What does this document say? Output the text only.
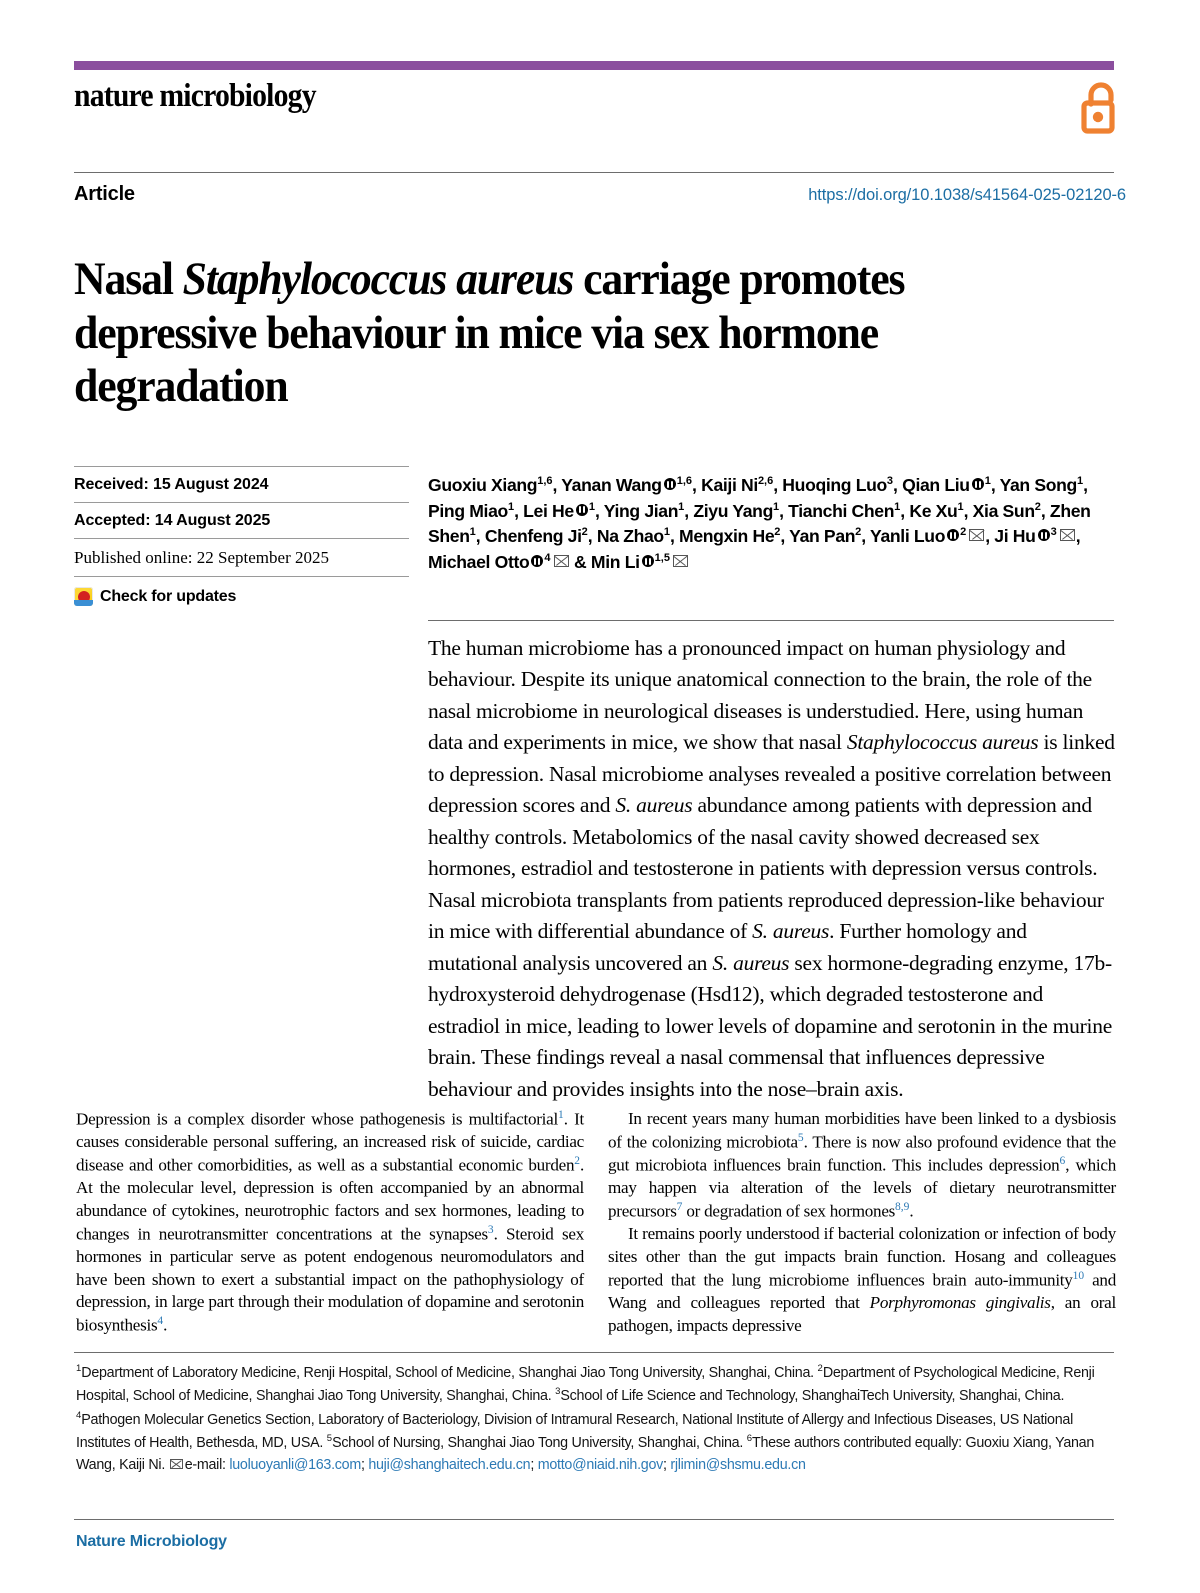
nature microbiology
Article	https://doi.org/10.1038/s41564-025-02120-6
Nasal Staphylococcus aureus carriage promotes depressive behaviour in mice via sex hormone degradation
Received: 15 August 2024
Accepted: 14 August 2025
Published online: 22 September 2025
Check for updates
Guoxiu Xiang$^{1,6}$, Yanan Wang $^{1,6}$, Kaiji Ni$^{2,6}$, Huoqing Luo$^3$, Qian Liu $^1$, Yan Song$^1$, Ping Miao$^1$, Lei He $^1$, Ying Jian$^1$, Ziyu Yang$^1$, Tianchi Chen$^1$, Ke Xu$^1$, Xia Sun$^2$, Zhen Shen$^1$, Chenfeng Ji$^2$, Na Zhao$^1$, Mengxin He$^2$, Yan Pan$^2$, Yanli Luo $^2$ , Ji Hu $^3$ , Michael Otto $^4$ & Min Li $^{1,5}$
The human microbiome has a pronounced impact on human physiology and behaviour. Despite its unique anatomical connection to the brain, the role of the nasal microbiome in neurological diseases is understudied. Here, using human data and experiments in mice, we show that nasal Staphylococcus aureus is linked to depression. Nasal microbiome analyses revealed a positive correlation between depression scores and S. aureus abundance among patients with depression and healthy controls. Metabolomics of the nasal cavity showed decreased sex hormones, estradiol and testosterone in patients with depression versus controls. Nasal microbiota transplants from patients reproduced depression-like behaviour in mice with differential abundance of S. aureus. Further homology and mutational analysis uncovered an S. aureus sex hormone-degrading enzyme, 17b-hydroxysteroid dehydrogenase (Hsd12), which degraded testosterone and estradiol in mice, leading to lower levels of dopamine and serotonin in the murine brain. These findings reveal a nasal commensal that influences depressive behaviour and provides insights into the nose–brain axis.

Depression is a complex disorder whose pathogenesis is multifactorial$^1$. It causes considerable personal suffering, an increased risk of suicide, cardiac disease and other comorbidities, as well as a substantial economic burden$^2$. At the molecular level, depression is often accompanied by an abnormal abundance of cytokines, neurotrophic factors and sex hormones, leading to changes in neurotransmitter concentrations at the synapses$^3$. Steroid sex hormones in particular serve as potent endogenous neuromodulators and have been shown to exert a substantial impact on the pathophysiology of depression, in large part through their modulation of dopamine and serotonin biosynthesis$^4$.

In recent years many human morbidities have been linked to a dysbiosis of the colonizing microbiota$^5$. There is now also profound evidence that the gut microbiota influences brain function. This includes depression$^6$, which may happen via alteration of the levels of dietary neurotransmitter precursors$^7$ or degradation of sex hormones$^{8,9}$.

It remains poorly understood if bacterial colonization or infection of body sites other than the gut impacts brain function. Hosang and colleagues reported that the lung microbiome influences brain auto-immunity$^{10}$ and Wang and colleagues reported that Porphyromonas gingivalis, an oral pathogen, impacts depressive

$^1$Department of Laboratory Medicine, Renji Hospital, School of Medicine, Shanghai Jiao Tong University, Shanghai, China. $^2$Department of Psychological Medicine, Renji Hospital, School of Medicine, Shanghai Jiao Tong University, Shanghai, China. $^3$School of Life Science and Technology, ShanghaiTech University, Shanghai, China. $^4$Pathogen Molecular Genetics Section, Laboratory of Bacteriology, Division of Intramural Research, National Institute of Allergy and Infectious Diseases, US National Institutes of Health, Bethesda, MD, USA. $^5$School of Nursing, Shanghai Jiao Tong University, Shanghai, China. $^6$These authors contributed equally: Guoxiu Xiang, Yanan Wang, Kaiji Ni. e-mail: luoluoyanli@163.com; huji@shanghaitech.edu.cn; motto@niaid.nih.gov; rjlimin@shsmu.edu.cn
Nature Microbiology
